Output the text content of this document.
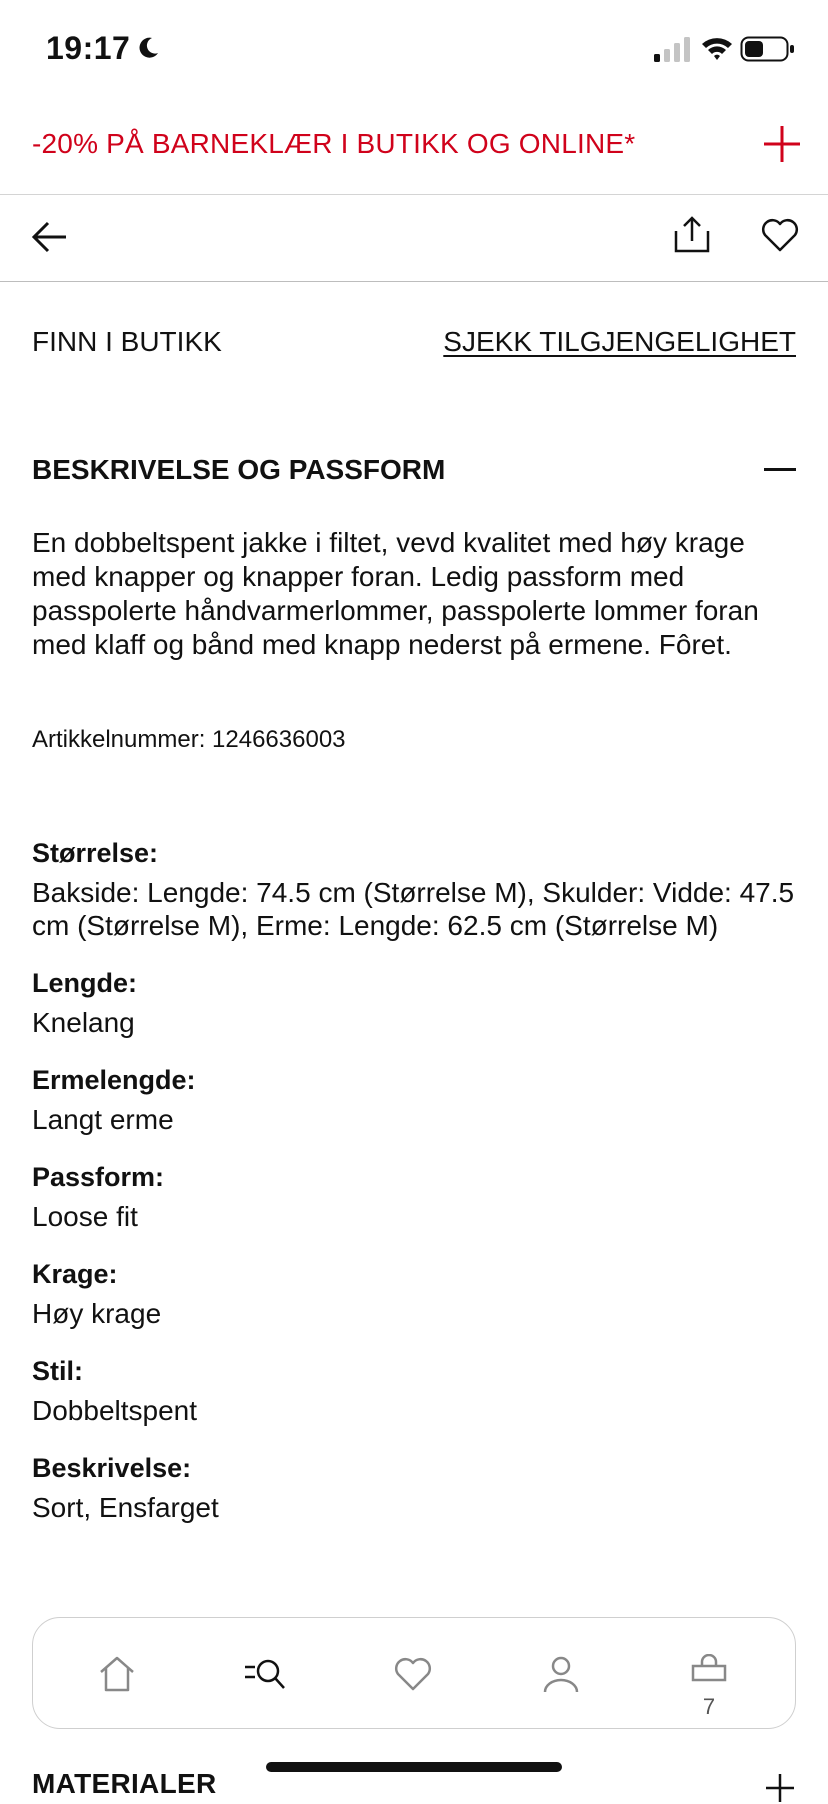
19:17
-20% PÅ BARNEKLÆR I BUTIKK OG ONLINE*
FINN I BUTIKK	SJEKK TILGJENGELIGHET
BESKRIVELSE OG PASSFORM
En dobbeltspent jakke i filtet, vevd kvalitet med høy krage med knapper og knapper foran. Ledig passform med passpolerte håndvarmerlommer, passpolerte lommer foran med klaff og bånd med knapp nederst på ermene. Fôret.
Artikkelnummer: 1246636003
Størrelse:
Bakside: Lengde: 74.5 cm (Størrelse M), Skulder: Vidde: 47.5 cm (Størrelse M), Erme: Lengde: 62.5 cm (Størrelse M)
Lengde:
Knelang
Ermelengde:
Langt erme
Passform:
Loose fit
Krage:
Høy krage
Stil:
Dobbeltspent
Beskrivelse:
Sort, Ensfarget
MATERIALER
7
